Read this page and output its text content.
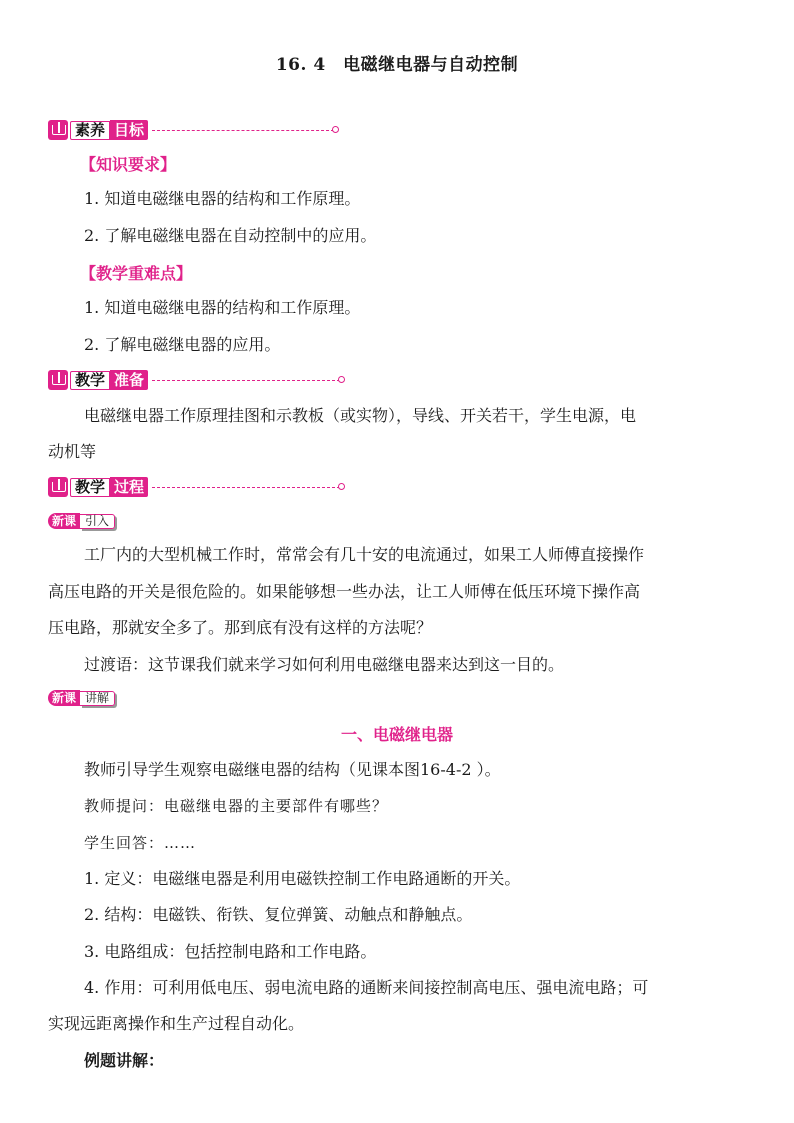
16. 4　电磁继电器与自动控制
素养 目标
【知识要求】
1. 知道电磁继电器的结构和工作原理。
2. 了解电磁继电器在自动控制中的应用。
【教学重难点】
1. 知道电磁继电器的结构和工作原理。
2. 了解电磁继电器的应用。
教学 准备
电磁继电器工作原理挂图和示教板（或实物），导线、开关若干，学生电源，电
动机等
教学 过程
新课 引入
工厂内的大型机械工作时，常常会有几十安的电流通过，如果工人师傅直接操作
高压电路的开关是很危险的。如果能够想一些办法，让工人师傅在低压环境下操作高
压电路，那就安全多了。那到底有没有这样的方法呢？
过渡语：这节课我们就来学习如何利用电磁继电器来达到这一目的。
新课 讲解
一、电磁继电器
教师引导学生观察电磁继电器的结构（见课本图16-4-2 ）。
教师提问：电磁继电器的主要部件有哪些？
学生回答：……
1. 定义：电磁继电器是利用电磁铁控制工作电路通断的开关。
2. 结构：电磁铁、衔铁、复位弹簧、动触点和静触点。
3. 电路组成：包括控制电路和工作电路。
4. 作用：可利用低电压、弱电流电路的通断来间接控制高电压、强电流电路；可
实现远距离操作和生产过程自动化。
例题讲解：
